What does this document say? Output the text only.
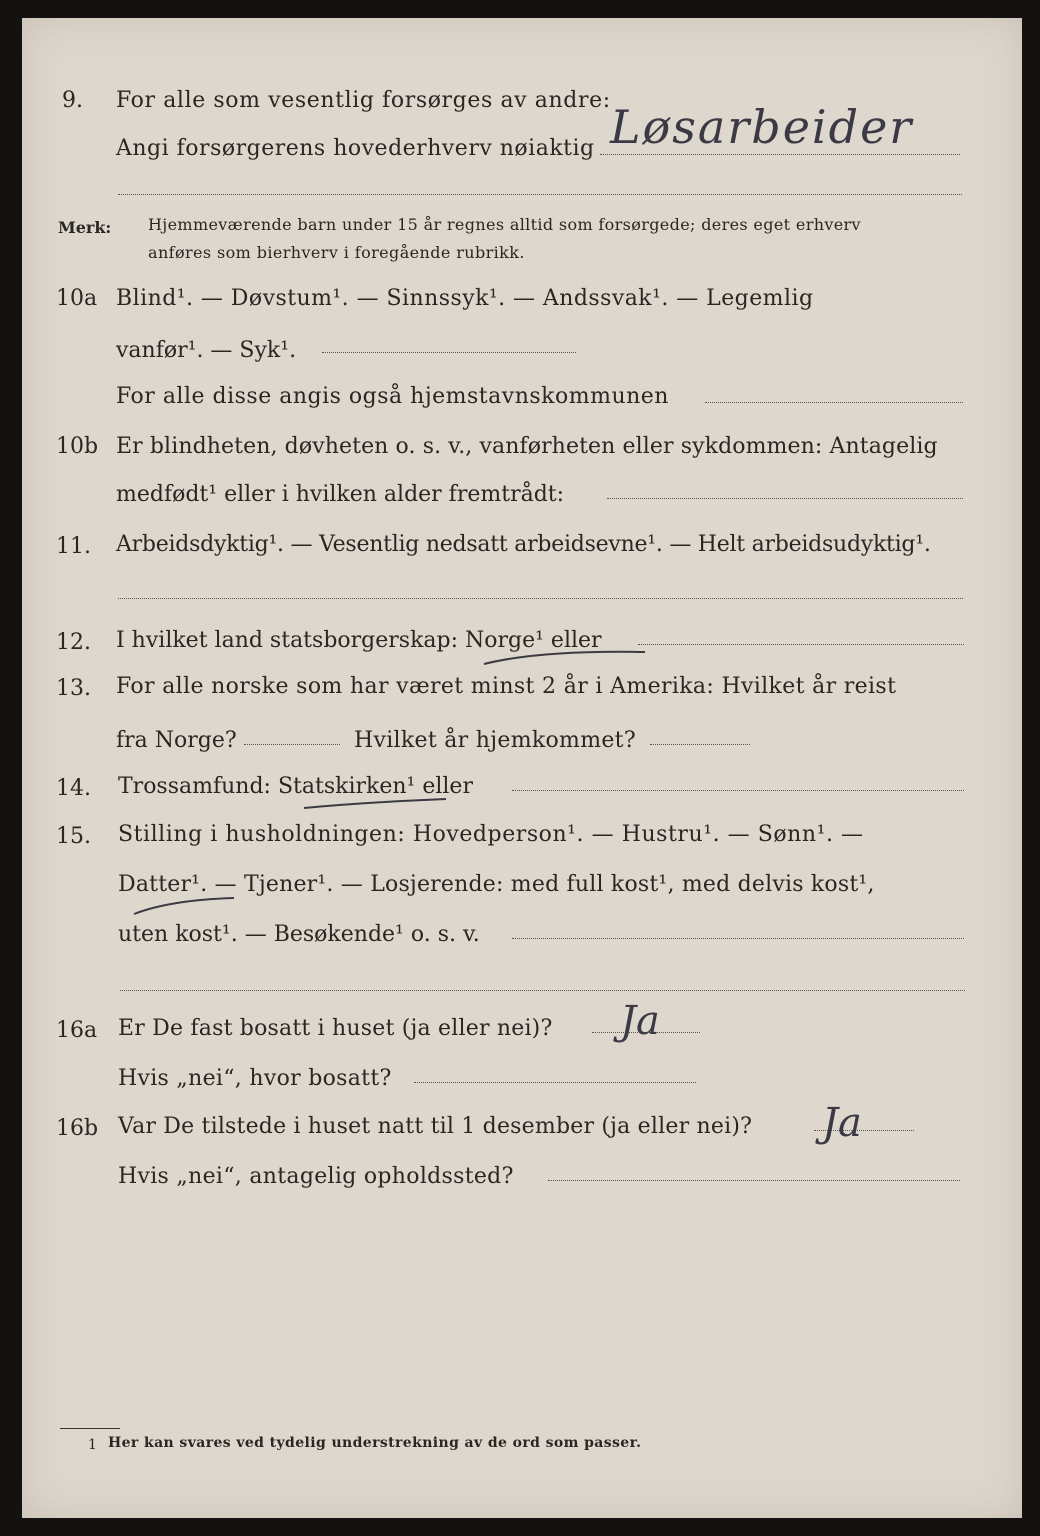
9. For alle som vesentlig forsørges av andre:
Angi forsørgerens hovederhverv nøiaktig Løsarbeider
Merk: Hjemmeværende barn under 15 år regnes alltid som forsørgede; deres eget erhverv
anføres som bierhverv i foregående rubrikk.
10a Blind¹. — Døvstum¹. — Sinnssyk¹. — Andssvak¹. — Legemlig
vanfør¹. — Syk¹.
For alle disse angis også hjemstavnskommunen
10b Er blindheten, døvheten o. s. v., vanførheten eller sykdommen: Antagelig
medfødt¹ eller i hvilken alder fremtrådt:
11. Arbeidsdyktig¹. — Vesentlig nedsatt arbeidsevne¹. — Helt arbeidsudyktig¹.
12. I hvilket land statsborgerskap: Norge¹ eller
13. For alle norske som har været minst 2 år i Amerika: Hvilket år reist
fra Norge?	Hvilket år hjemkommet?
14. Trossamfund: Statskirken¹ eller
15. Stilling i husholdningen: Hovedperson¹. — Hustru¹. — Sønn¹. —
Datter¹. — Tjener¹. — Losjerende: med full kost¹, med delvis kost¹,
uten kost¹. — Besøkende¹ o. s. v.
16a Er De fast bosatt i huset (ja eller nei)? Ja
Hvis „nei“, hvor bosatt?
16b Var De tilstede i huset natt til 1 desember (ja eller nei)? Ja
Hvis „nei“, antagelig opholdssted?
1 Her kan svares ved tydelig understrekning av de ord som passer.
